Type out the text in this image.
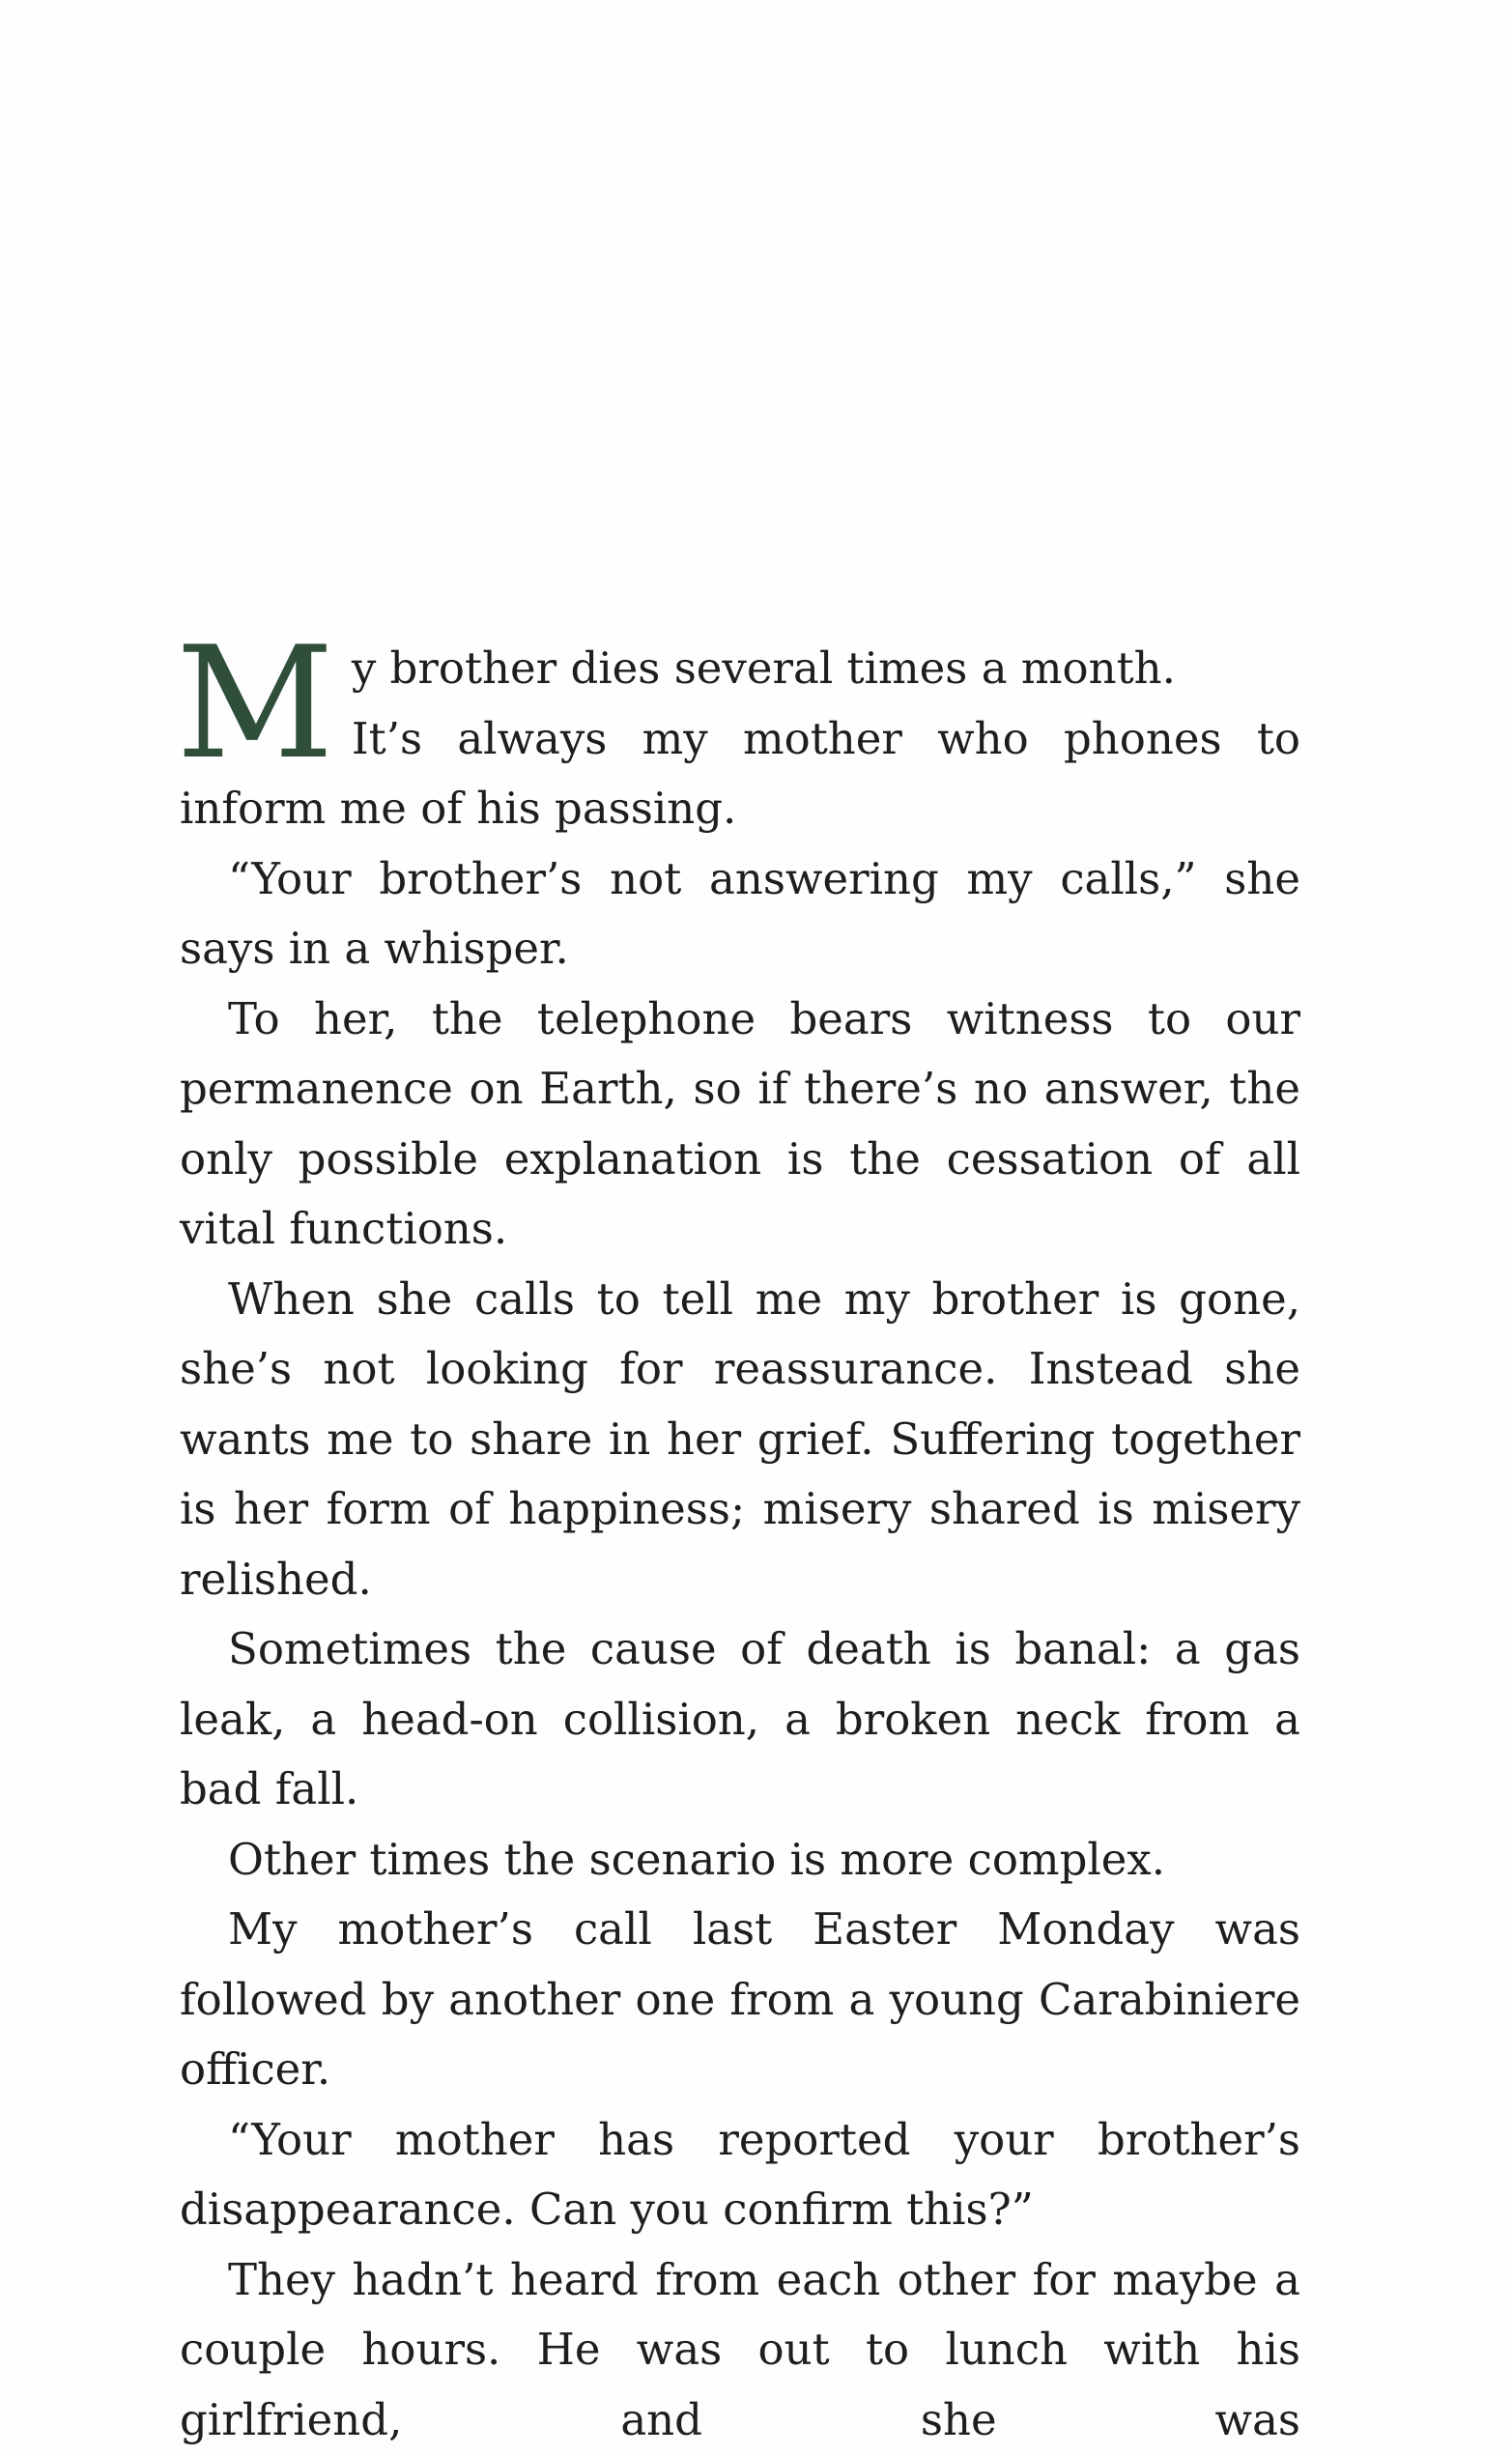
My brother dies several times a month.
It’s always my mother who phones to inform me of his passing.

“Your brother’s not answering my calls,” she says in a whisper.

To her, the telephone bears witness to our permanence on Earth, so if there’s no answer, the only possible explanation is the cessation of all vital functions.

When she calls to tell me my brother is gone, she’s not looking for reassurance. Instead she wants me to share in her grief. Suffering together is her form of happiness; misery shared is misery relished.

Sometimes the cause of death is banal: a gas leak, a head-on collision, a broken neck from a bad fall.

Other times the scenario is more complex.

My mother’s call last Easter Monday was followed by another one from a young Carabiniere officer.

“Your mother has reported your brother’s disappearance. Can you confirm this?”

They hadn’t heard from each other for maybe a couple hours. He was out to lunch with his girlfriend, and she was
